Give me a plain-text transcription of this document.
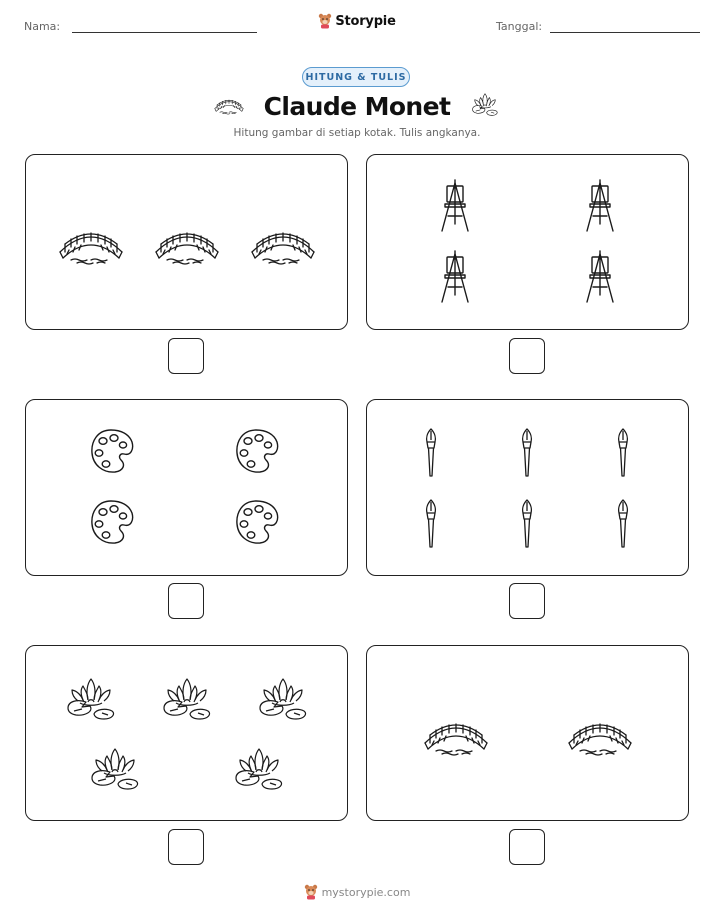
Nama:	Storypie	Tanggal:
HITUNG & TULIS
Claude Monet
Hitung gambar di setiap kotak. Tulis angkanya.
mystorypie.com
